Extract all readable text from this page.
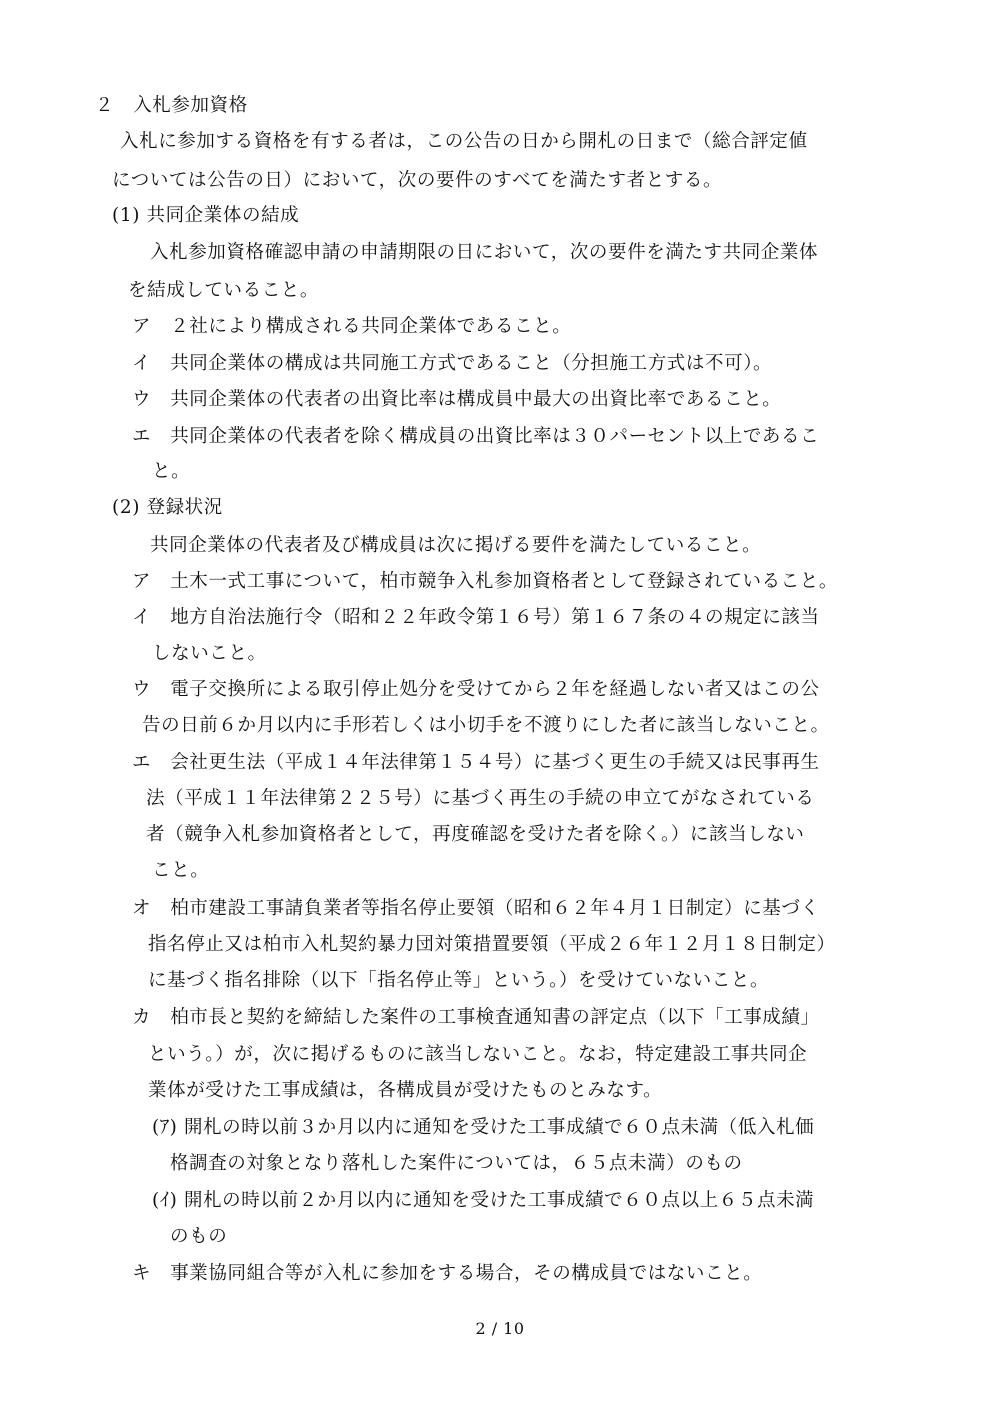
２　入札参加資格
入札に参加する資格を有する者は，この公告の日から開札の日まで（総合評定値
については公告の日）において，次の要件のすべてを満たす者とする。
(1) 共同企業体の結成
入札参加資格確認申請の申請期限の日において，次の要件を満たす共同企業体
を結成していること。
ア　２社により構成される共同企業体であること。
イ　共同企業体の構成は共同施工方式であること（分担施工方式は不可）。
ウ　共同企業体の代表者の出資比率は構成員中最大の出資比率であること。
エ　共同企業体の代表者を除く構成員の出資比率は３０パーセント以上であるこ
と。
(2) 登録状況
共同企業体の代表者及び構成員は次に掲げる要件を満たしていること。
ア　土木一式工事について，柏市競争入札参加資格者として登録されていること。
イ　地方自治法施行令（昭和２２年政令第１６号）第１６７条の４の規定に該当
しないこと。
ウ　電子交換所による取引停止処分を受けてから２年を経過しない者又はこの公
告の日前６か月以内に手形若しくは小切手を不渡りにした者に該当しないこと。
エ　会社更生法（平成１４年法律第１５４号）に基づく更生の手続又は民事再生
法（平成１１年法律第２２５号）に基づく再生の手続の申立てがなされている
者（競争入札参加資格者として，再度確認を受けた者を除く。）に該当しない
こと。
オ　柏市建設工事請負業者等指名停止要領（昭和６２年４月１日制定）に基づく
指名停止又は柏市入札契約暴力団対策措置要領（平成２６年１２月１８日制定）
に基づく指名排除（以下「指名停止等」という。）を受けていないこと。
カ　柏市長と契約を締結した案件の工事検査通知書の評定点（以下「工事成績」
という。）が，次に掲げるものに該当しないこと。なお，特定建設工事共同企
業体が受けた工事成績は，各構成員が受けたものとみなす。
(ｱ) 開札の時以前３か月以内に通知を受けた工事成績で６０点未満（低入札価
格調査の対象となり落札した案件については，６５点未満）のもの
(ｲ) 開札の時以前２か月以内に通知を受けた工事成績で６０点以上６５点未満
のもの
キ　事業協同組合等が入札に参加をする場合，その構成員ではないこと。
2 / 10
